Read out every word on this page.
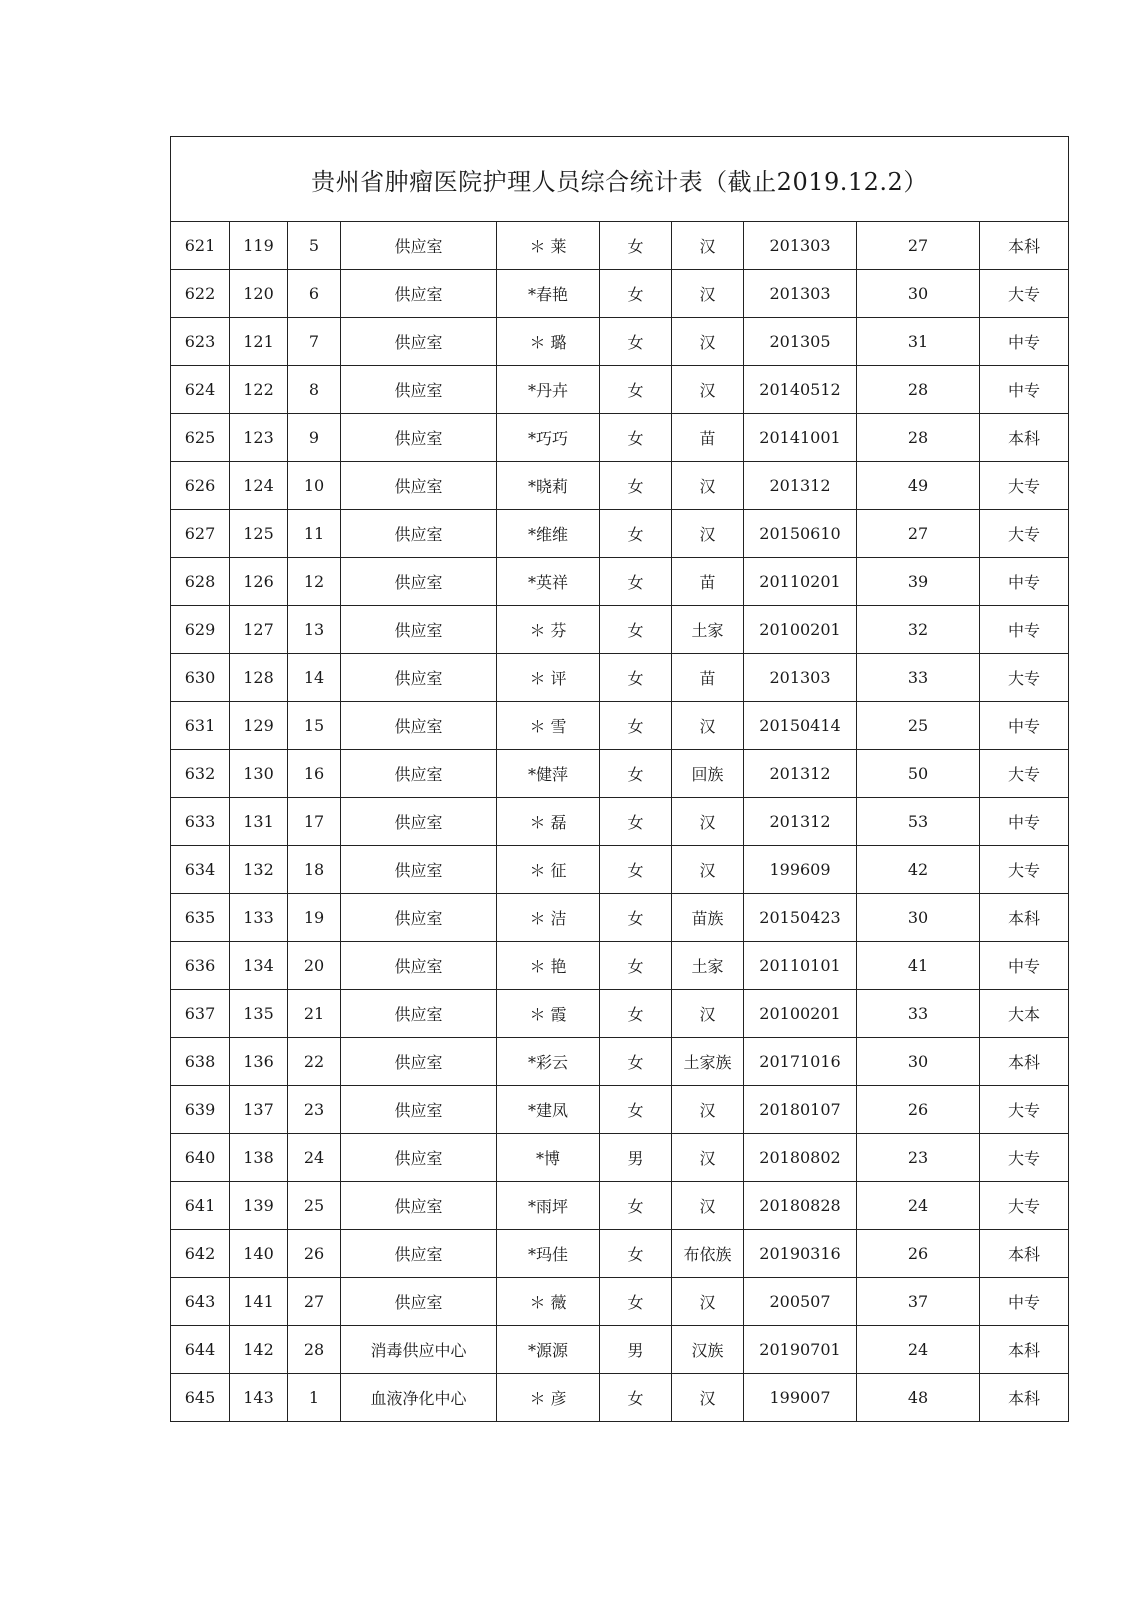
贵州省肿瘤医院护理人员综合统计表（截止2019.12.2）									
621	119	5	供应室	＊ 莱	女	汉	201303	27	本科
622	120	6	供应室	*春艳	女	汉	201303	30	大专
623	121	7	供应室	＊ 璐	女	汉	201305	31	中专
624	122	8	供应室	*丹卉	女	汉	20140512	28	中专
625	123	9	供应室	*巧巧	女	苗	20141001	28	本科
626	124	10	供应室	*晓莉	女	汉	201312	49	大专
627	125	11	供应室	*维维	女	汉	20150610	27	大专
628	126	12	供应室	*英祥	女	苗	20110201	39	中专
629	127	13	供应室	＊ 芬	女	土家	20100201	32	中专
630	128	14	供应室	＊ 评	女	苗	201303	33	大专
631	129	15	供应室	＊ 雪	女	汉	20150414	25	中专
632	130	16	供应室	*健萍	女	回族	201312	50	大专
633	131	17	供应室	＊ 磊	女	汉	201312	53	中专
634	132	18	供应室	＊ 征	女	汉	199609	42	大专
635	133	19	供应室	＊ 洁	女	苗族	20150423	30	本科
636	134	20	供应室	＊ 艳	女	土家	20110101	41	中专
637	135	21	供应室	＊ 霞	女	汉	20100201	33	大本
638	136	22	供应室	*彩云	女	土家族	20171016	30	本科
639	137	23	供应室	*建凤	女	汉	20180107	26	大专
640	138	24	供应室	*博	男	汉	20180802	23	大专
641	139	25	供应室	*雨坪	女	汉	20180828	24	大专
642	140	26	供应室	*玛佳	女	布依族	20190316	26	本科
643	141	27	供应室	＊ 薇	女	汉	200507	37	中专
644	142	28	消毒供应中心	*源源	男	汉族	20190701	24	本科
645	143	1	血液净化中心	＊ 彦	女	汉	199007	48	本科
